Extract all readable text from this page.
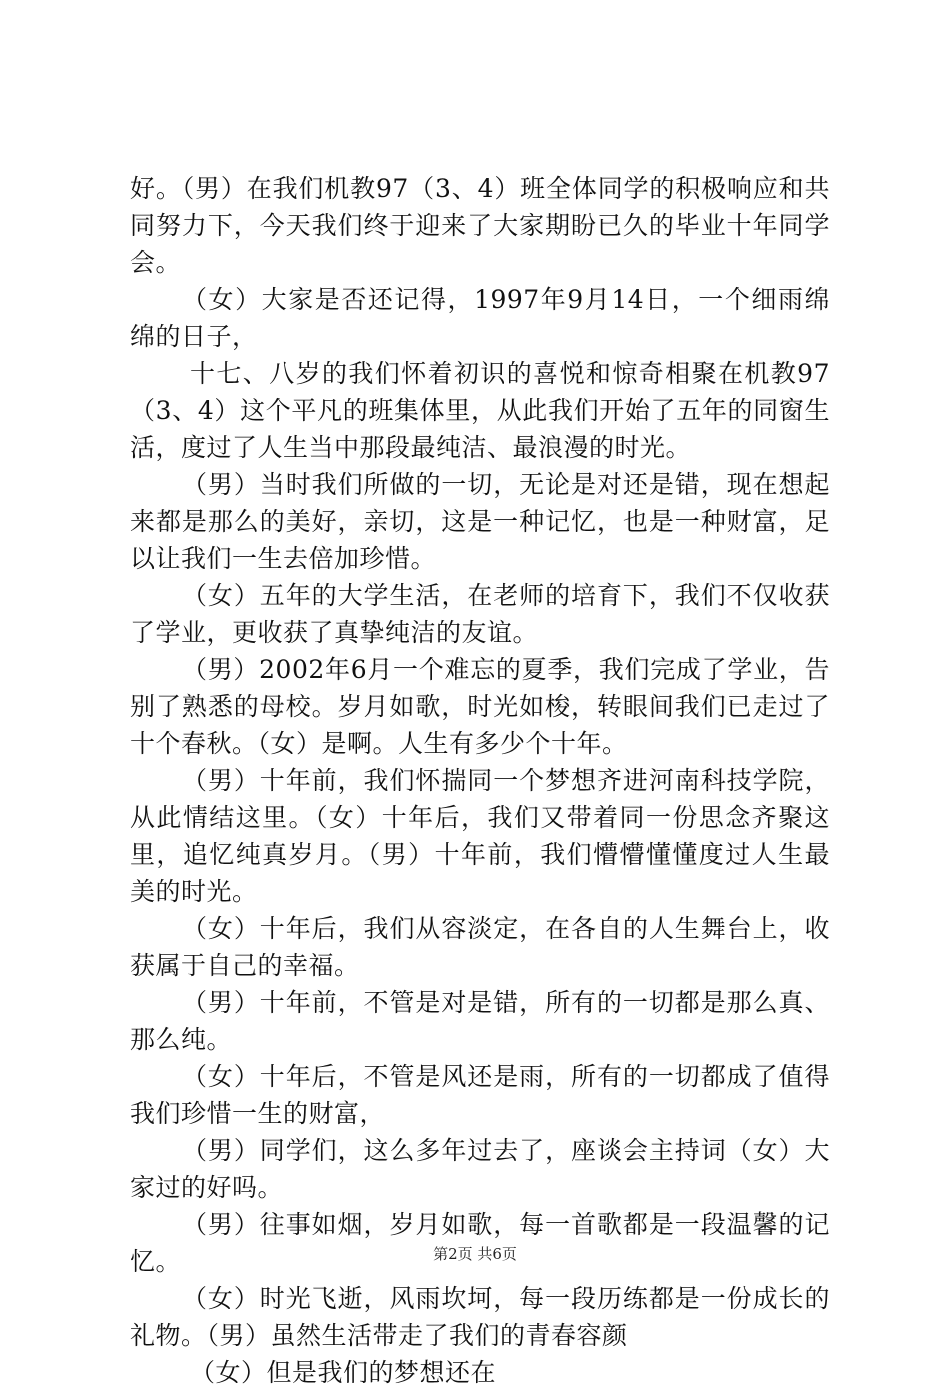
好。（男）在我们机教97（3、4）班全体同学的积极响应和共同努力下，今天我们终于迎来了大家期盼已久的毕业十年同学会。

（女）大家是否还记得，1997年9月14日，一个细雨绵绵的日子，

十七、八岁的我们怀着初识的喜悦和惊奇相聚在机教97（3、4）这个平凡的班集体里，从此我们开始了五年的同窗生活，度过了人生当中那段最纯洁、最浪漫的时光。

（男）当时我们所做的一切，无论是对还是错，现在想起来都是那么的美好，亲切，这是一种记忆，也是一种财富，足以让我们一生去倍加珍惜。

（女）五年的大学生活，在老师的培育下，我们不仅收获了学业，更收获了真挚纯洁的友谊。

（男）2002年6月一个难忘的夏季，我们完成了学业，告别了熟悉的母校。岁月如歌，时光如梭，转眼间我们已走过了十个春秋。（女）是啊。人生有多少个十年。

（男）十年前，我们怀揣同一个梦想齐进河南科技学院，从此情结这里。（女）十年后，我们又带着同一份思念齐聚这里，追忆纯真岁月。（男）十年前，我们懵懵懂懂度过人生最美的时光。

（女）十年后，我们从容淡定，在各自的人生舞台上，收获属于自己的幸福。

（男）十年前，不管是对是错，所有的一切都是那么真、那么纯。

（女）十年后，不管是风还是雨，所有的一切都成了值得我们珍惜一生的财富，

（男）同学们，这么多年过去了，座谈会主持词（女）大家过的好吗。

（男）往事如烟，岁月如歌，每一首歌都是一段温馨的记忆。

（女）时光飞逝，风雨坎坷，每一段历练都是一份成长的礼物。（男）虽然生活带走了我们的青春容颜

（女）但是我们的梦想还在

第2页 共6页
